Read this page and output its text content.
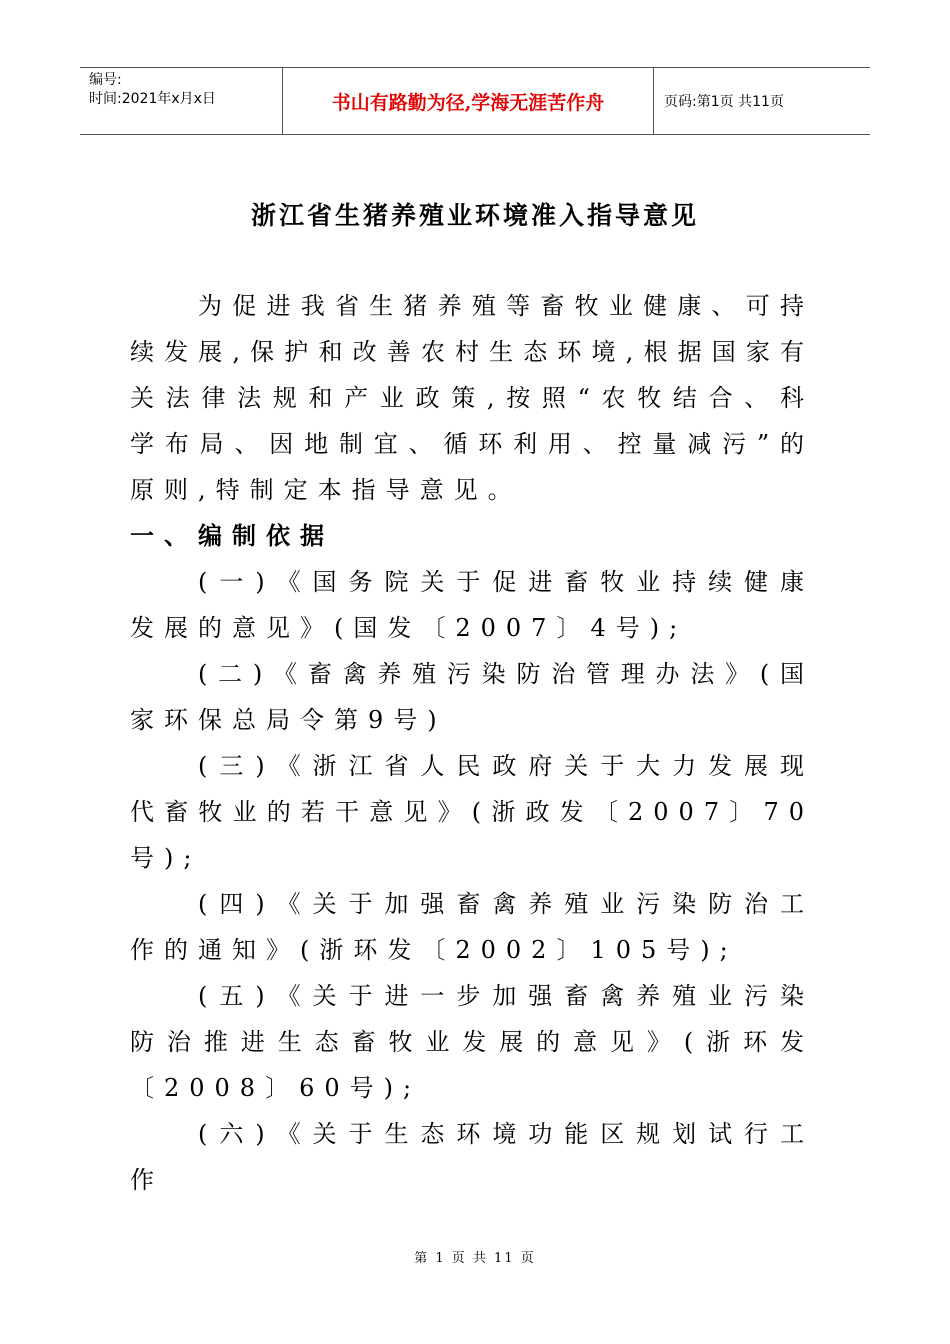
编号:
时间:2021年x月x日	书山有路勤为径,学海无涯苦作舟	页码:第1页 共11页
浙江省生猪养殖业环境准入指导意见

为促进我省生猪养殖等畜牧业健康、可持续发展,保护和改善农村生态环境,根据国家有关法律法规和产业政策,按照“农牧结合、科学布局、因地制宜、循环利用、控量减污”的原则,特制定本指导意见。

一、编制依据

(一)《国务院关于促进畜牧业持续健康发展的意见》(国发〔2007〕4号);

(二)《畜禽养殖污染防治管理办法》(国家环保总局令第9号)

(三)《浙江省人民政府关于大力发展现代畜牧业的若干意见》(浙政发〔2007〕70号);

(四)《关于加强畜禽养殖业污染防治工作的通知》(浙环发〔2002〕105号);

(五)《关于进一步加强畜禽养殖业污染防治推进生态畜牧业发展的意见》(浙环发〔2008〕60号);

(六)《关于生态环境功能区规划试行工作

第 1 页 共 11 页
